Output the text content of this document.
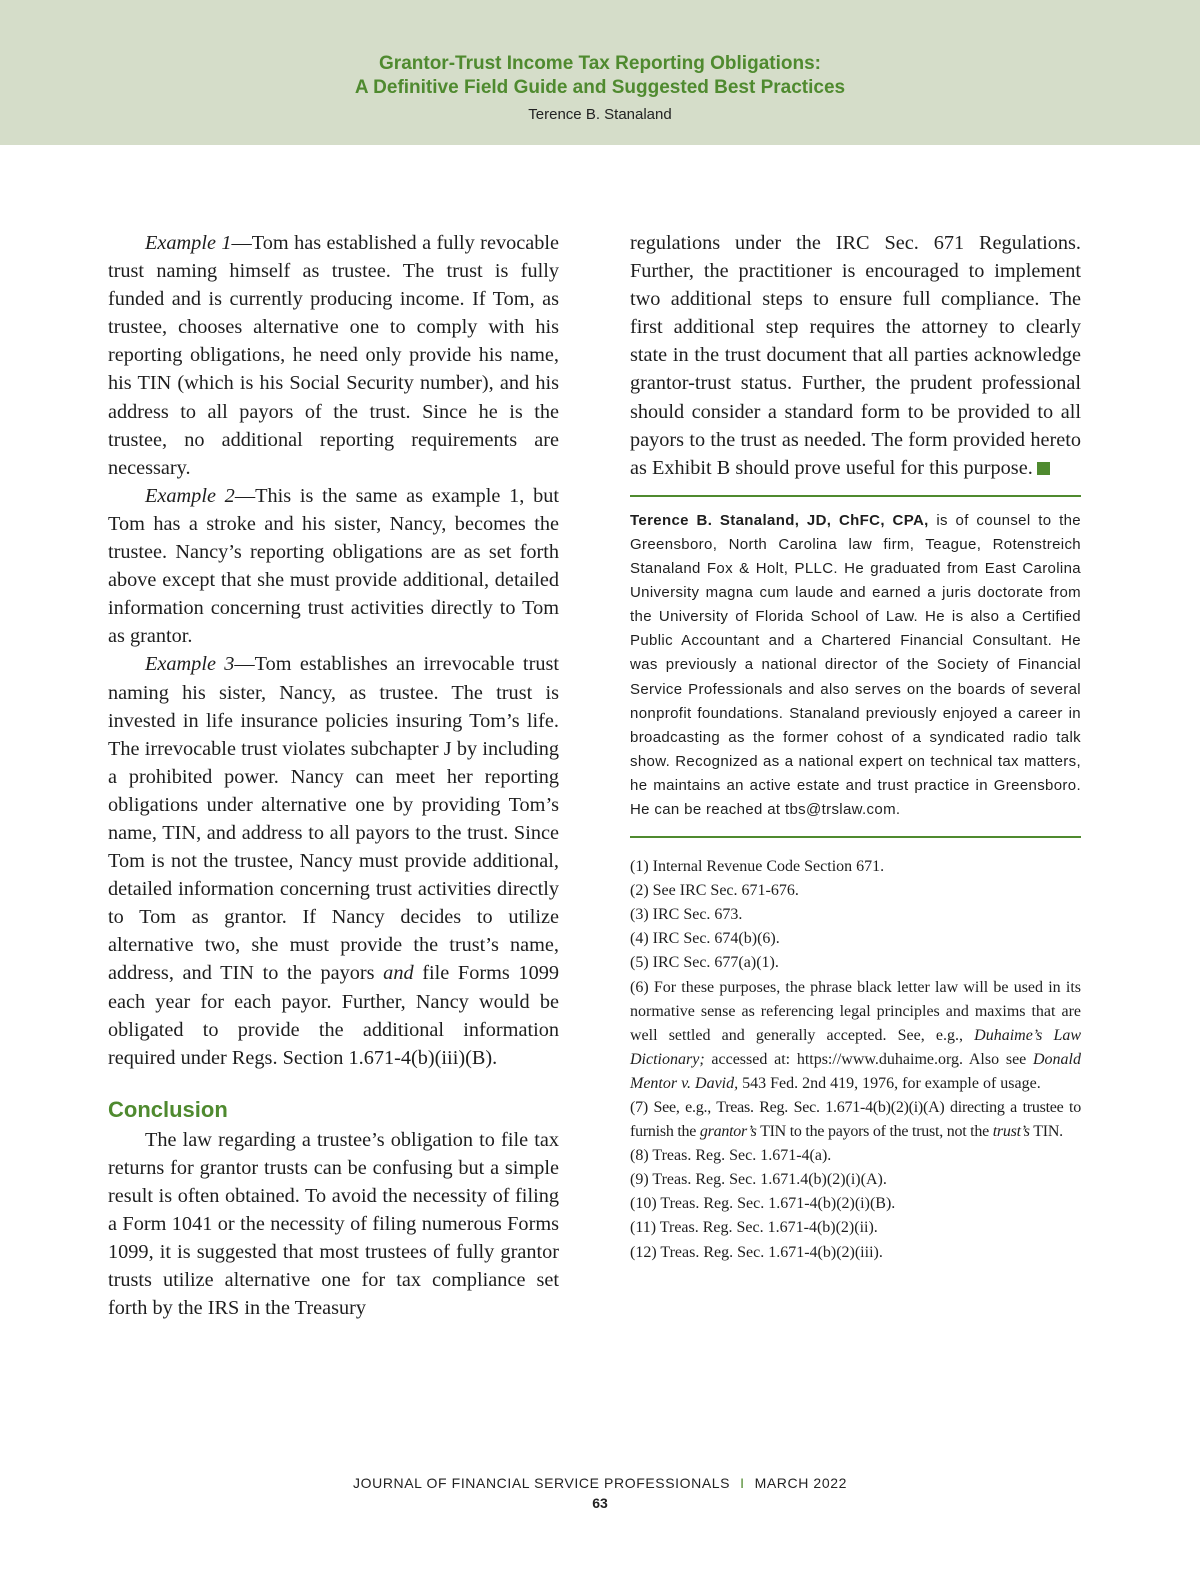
Grantor-Trust Income Tax Reporting Obligations:
A Definitive Field Guide and Suggested Best Practices
Terence B. Stanaland

Example 1—Tom has established a fully revocable trust naming himself as trustee. The trust is fully funded and is currently producing income. If Tom, as trustee, chooses alternative one to comply with his reporting obligations, he need only provide his name, his TIN (which is his Social Security number), and his address to all payors of the trust. Since he is the trustee, no additional reporting requirements are necessary.

Example 2—This is the same as example 1, but Tom has a stroke and his sister, Nancy, becomes the trustee. Nancy’s reporting obligations are as set forth above except that she must provide additional, detailed information concerning trust activities directly to Tom as grantor.

Example 3—Tom establishes an irrevocable trust naming his sister, Nancy, as trustee. The trust is invested in life insurance policies insuring Tom’s life. The irrevocable trust violates subchapter J by including a prohibited power. Nancy can meet her reporting obligations under alternative one by providing Tom’s name, TIN, and address to all payors to the trust. Since Tom is not the trustee, Nancy must provide additional, detailed information concerning trust activities directly to Tom as grantor. If Nancy decides to utilize alternative two, she must provide the trust’s name, address, and TIN to the payors and file Forms 1099 each year for each payor. Further, Nancy would be obligated to provide the additional information required under Regs. Section 1.671-4(b)(iii)(B).

Conclusion

The law regarding a trustee’s obligation to file tax returns for grantor trusts can be confusing but a simple result is often obtained. To avoid the necessity of filing a Form 1041 or the necessity of filing numerous Forms 1099, it is suggested that most trustees of fully grantor trusts utilize alternative one for tax compliance set forth by the IRS in the Treasury

regulations under the IRC Sec. 671 Regulations. Further, the practitioner is encouraged to implement two additional steps to ensure full compliance. The first additional step requires the attorney to clearly state in the trust document that all parties acknowledge grantor-trust status. Further, the prudent professional should consider a standard form to be provided to all payors to the trust as needed. The form provided hereto as Exhibit B should prove useful for this purpose.

Terence B. Stanaland, JD, ChFC, CPA, is of counsel to the Greensboro, North Carolina law firm, Teague, Rotenstreich Stanaland Fox & Holt, PLLC. He graduated from East Carolina University magna cum laude and earned a juris doctorate from the University of Florida School of Law. He is also a Certified Public Accountant and a Chartered Financial Consultant. He was previously a national director of the Society of Financial Service Professionals and also serves on the boards of several nonprofit foundations. Stanaland previously enjoyed a career in broadcasting as the former cohost of a syndicated radio talk show. Recognized as a national expert on technical tax matters, he maintains an active estate and trust practice in Greensboro. He can be reached at tbs@trslaw.com.
(1) Internal Revenue Code Section 671.
(2) See IRC Sec. 671-676.
(3) IRC Sec. 673.
(4) IRC Sec. 674(b)(6).
(5) IRC Sec. 677(a)(1).
(6) For these purposes, the phrase black letter law will be used in its normative sense as referencing legal principles and maxims that are well settled and generally accepted. See, e.g., Duhaime’s Law Dictionary; accessed at: https://www.duhaime.org. Also see Donald Mentor v. David, 543 Fed. 2nd 419, 1976, for example of usage.
(7) See, e.g., Treas. Reg. Sec. 1.671-4(b)(2)(i)(A) directing a trustee to furnish the grantor’s TIN to the payors of the trust, not the trust’s TIN.
(8) Treas. Reg. Sec. 1.671-4(a).
(9) Treas. Reg. Sec. 1.671.4(b)(2)(i)(A).
(10) Treas. Reg. Sec. 1.671-4(b)(2)(i)(B).
(11) Treas. Reg. Sec. 1.671-4(b)(2)(ii).
(12) Treas. Reg. Sec. 1.671-4(b)(2)(iii).
JOURNAL OF FINANCIAL SERVICE PROFESSIONALS I MARCH 2022
63
